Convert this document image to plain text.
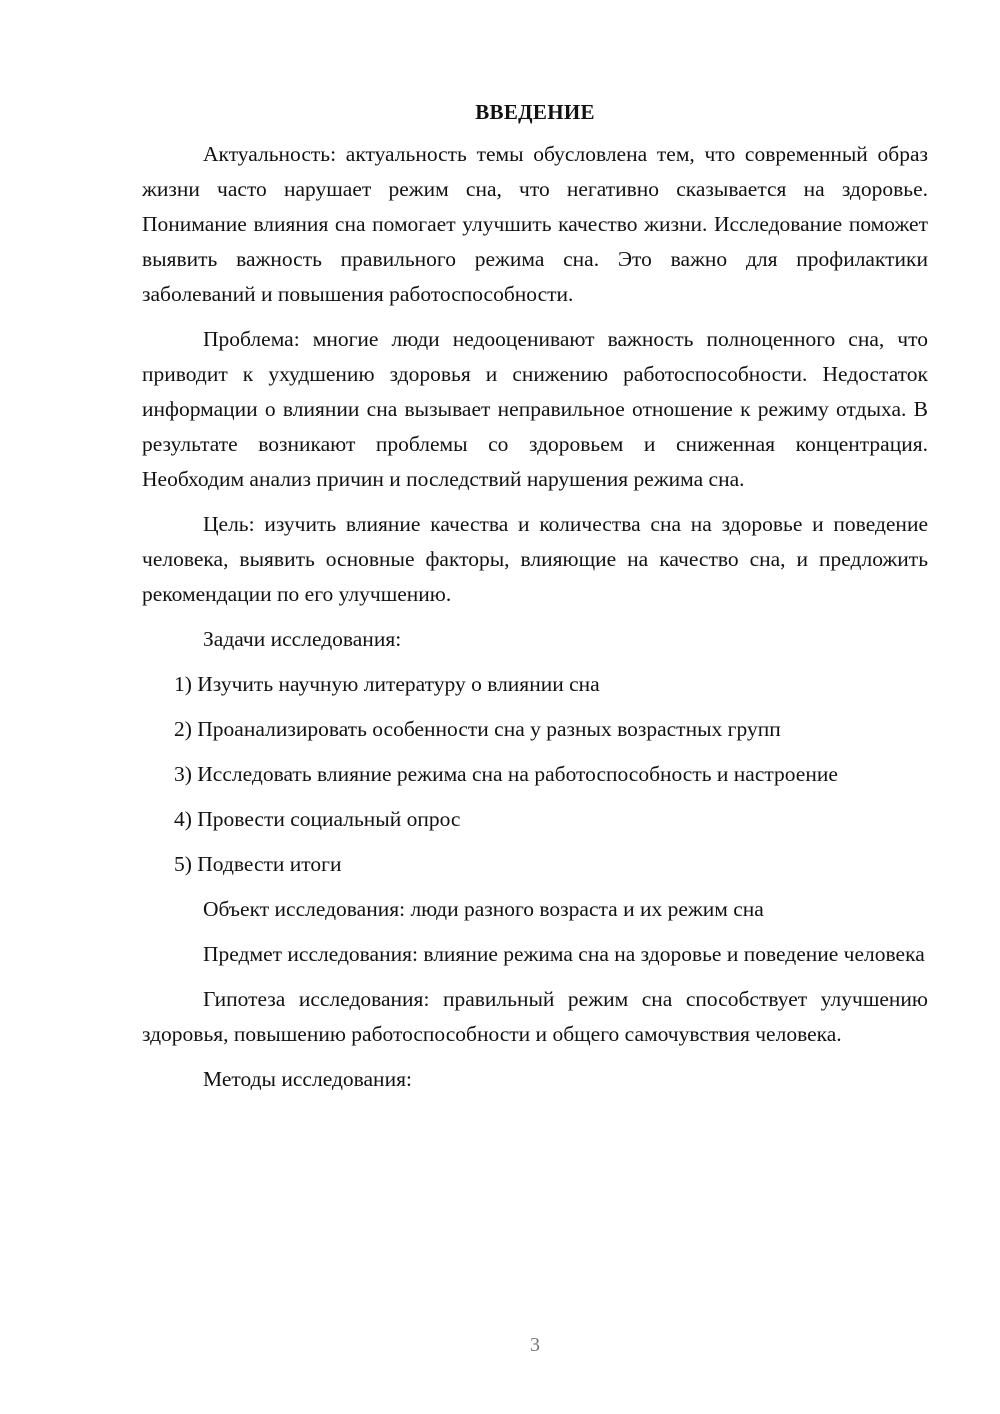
ВВЕДЕНИЕ

Актуальность: актуальность темы обусловлена тем, что современный образ жизни часто нарушает режим сна, что негативно сказывается на здоровье. Понимание влияния сна помогает улучшить качество жизни. Исследование поможет выявить важность правильного режима сна. Это важно для профилактики заболеваний и повышения работоспособности.

Проблема: многие люди недооценивают важность полноценного сна, что приводит к ухудшению здоровья и снижению работоспособности. Недостаток информации о влиянии сна вызывает неправильное отношение к режиму отдыха. В результате возникают проблемы со здоровьем и сниженная концентрация. Необходим анализ причин и последствий нарушения режима сна.

Цель: изучить влияние качества и количества сна на здоровье и поведение человека, выявить основные факторы, влияющие на качество сна, и предложить рекомендации по его улучшению.

Задачи исследования:

1) Изучить научную литературу о влиянии сна

2) Проанализировать особенности сна у разных возрастных групп

3) Исследовать влияние режима сна на работоспособность и настроение

4) Провести социальный опрос

5) Подвести итоги

Объект исследования: люди разного возраста и их режим сна

Предмет исследования: влияние режима сна на здоровье и поведение человека

Гипотеза исследования: правильный режим сна способствует улучшению здоровья, повышению работоспособности и общего самочувствия человека.

Методы исследования:

3
